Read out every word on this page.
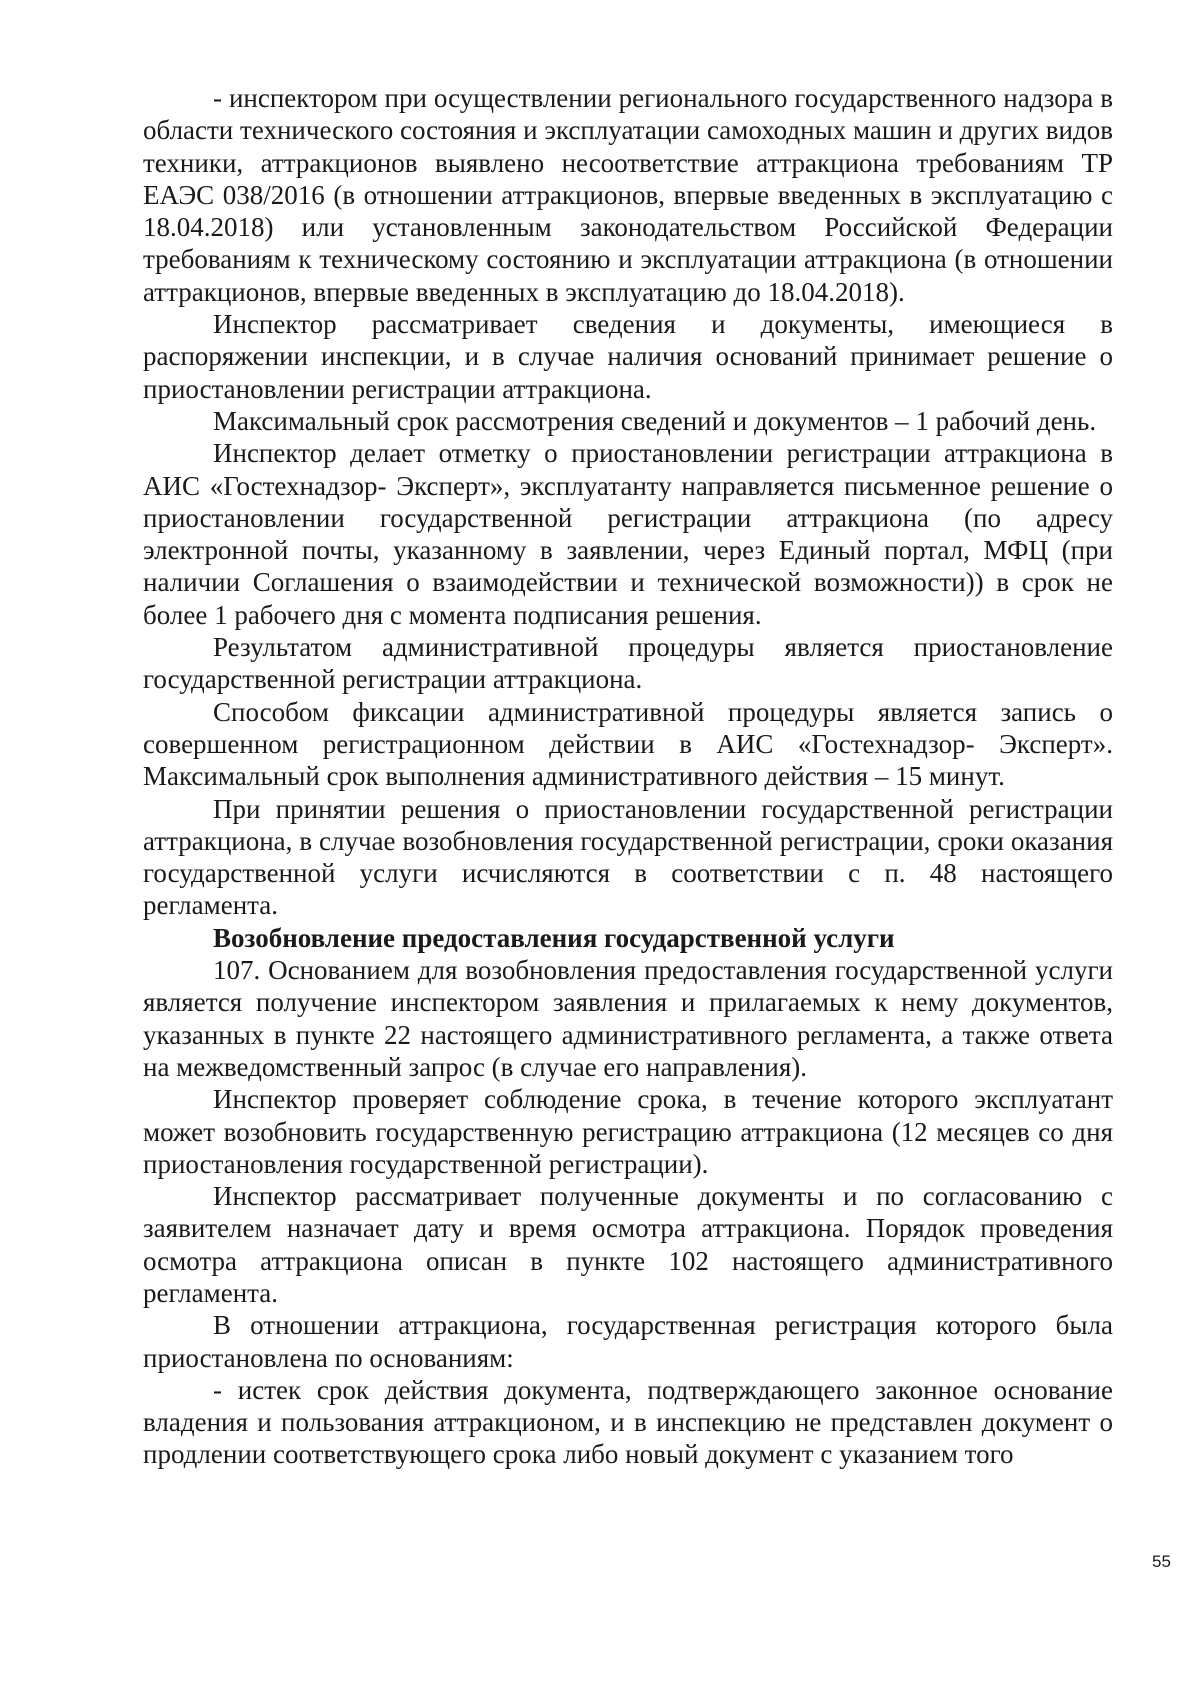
- инспектором при осуществлении регионального государственного надзора в области технического состояния и эксплуатации самоходных машин и других видов техники, аттракционов выявлено несоответствие аттракциона требованиям ТР ЕАЭС 038/2016 (в отношении аттракционов, впервые введенных в эксплуатацию с 18.04.2018) или установленным законодательством Российской Федерации требованиям к техническому состоянию и эксплуатации аттракциона (в отношении аттракционов, впервые введенных в эксплуатацию до 18.04.2018).

Инспектор рассматривает сведения и документы, имеющиеся в распоряжении инспекции, и в случае наличия оснований принимает решение о приостановлении регистрации аттракциона.

Максимальный срок рассмотрения сведений и документов – 1 рабочий день.

Инспектор делает отметку о приостановлении регистрации аттракциона в АИС «Гостехнадзор- Эксперт», эксплуатанту направляется письменное решение о приостановлении государственной регистрации аттракциона (по адресу электронной почты, указанному в заявлении, через Единый портал, МФЦ (при наличии Соглашения о взаимодействии и технической возможности)) в срок не более 1 рабочего дня с момента подписания решения.

Результатом административной процедуры является приостановление государственной регистрации аттракциона.

Способом фиксации административной процедуры является запись о совершенном регистрационном действии в АИС «Гостехнадзор- Эксперт». Максимальный срок выполнения административного действия – 15 минут.

При принятии решения о приостановлении государственной регистрации аттракциона, в случае возобновления государственной регистрации, сроки оказания государственной услуги исчисляются в соответствии с п. 48 настоящего регламента.

Возобновление предоставления государственной услуги

107. Основанием для возобновления предоставления государственной услуги является получение инспектором заявления и прилагаемых к нему документов, указанных в пункте 22 настоящего административного регламента, а также ответа на межведомственный запрос (в случае его направления).

Инспектор проверяет соблюдение срока, в течение которого эксплуатант может возобновить государственную регистрацию аттракциона (12 месяцев со дня приостановления государственной регистрации).

Инспектор рассматривает полученные документы и по согласованию с заявителем назначает дату и время осмотра аттракциона. Порядок проведения осмотра аттракциона описан в пункте 102 настоящего административного регламента.

В отношении аттракциона, государственная регистрация которого была приостановлена по основаниям:

- истек срок действия документа, подтверждающего законное основание владения и пользования аттракционом, и в инспекцию не представлен документ о продлении соответствующего срока либо новый документ с указанием того

55
